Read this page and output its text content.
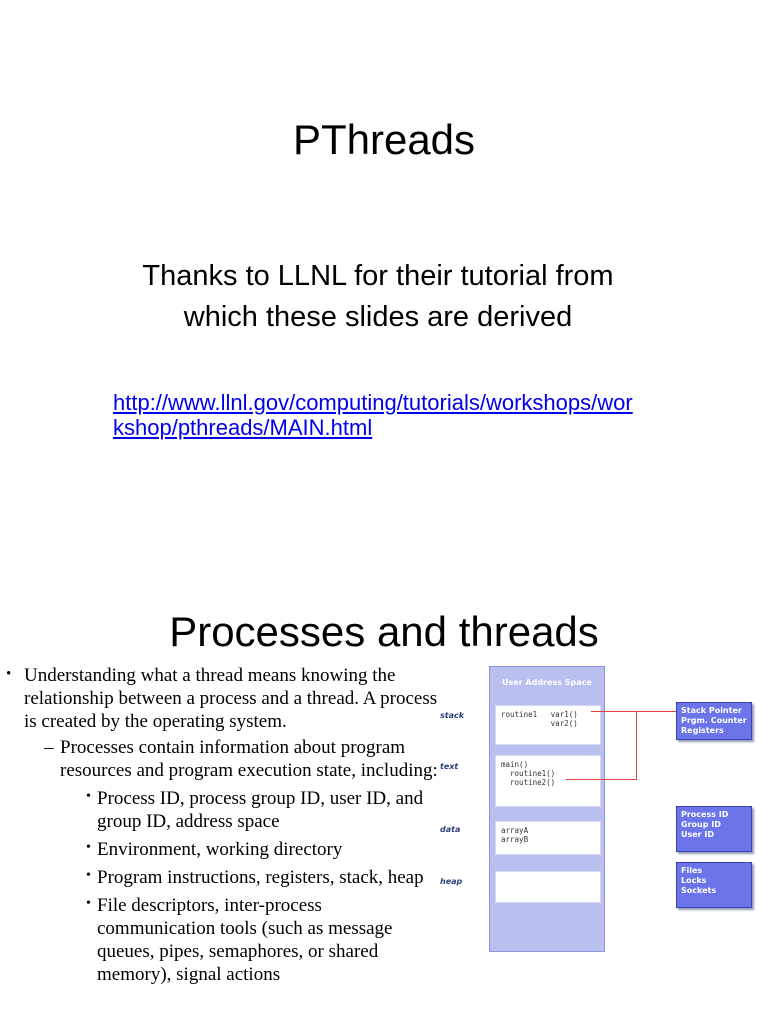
PThreads
Thanks to LLNL for their tutorial from which these slides are derived
http://www.llnl.gov/computing/tutorials/workshops/workshop/pthreads/MAIN.html
Processes and threads
• Understanding what a thread means knowing the relationship between a process and a thread. A process is created by the operating system.
– Processes contain information about program resources and program execution state, including:
• Process ID, process group ID, user ID, and group ID, address space
• Environment, working directory
• Program instructions, registers, stack, heap
• File descriptors, inter-process communication tools (such as message queues, pipes, semaphores, or shared memory), signal actions
User Address Space
routine1   var1()
var2()
main()
routine1()
routine2()
arrayA
arrayB
stack
text
data
heap
Stack Pointer
Prgm. Counter
Registers
Process ID
Group ID
User ID
Files
Locks
Sockets
